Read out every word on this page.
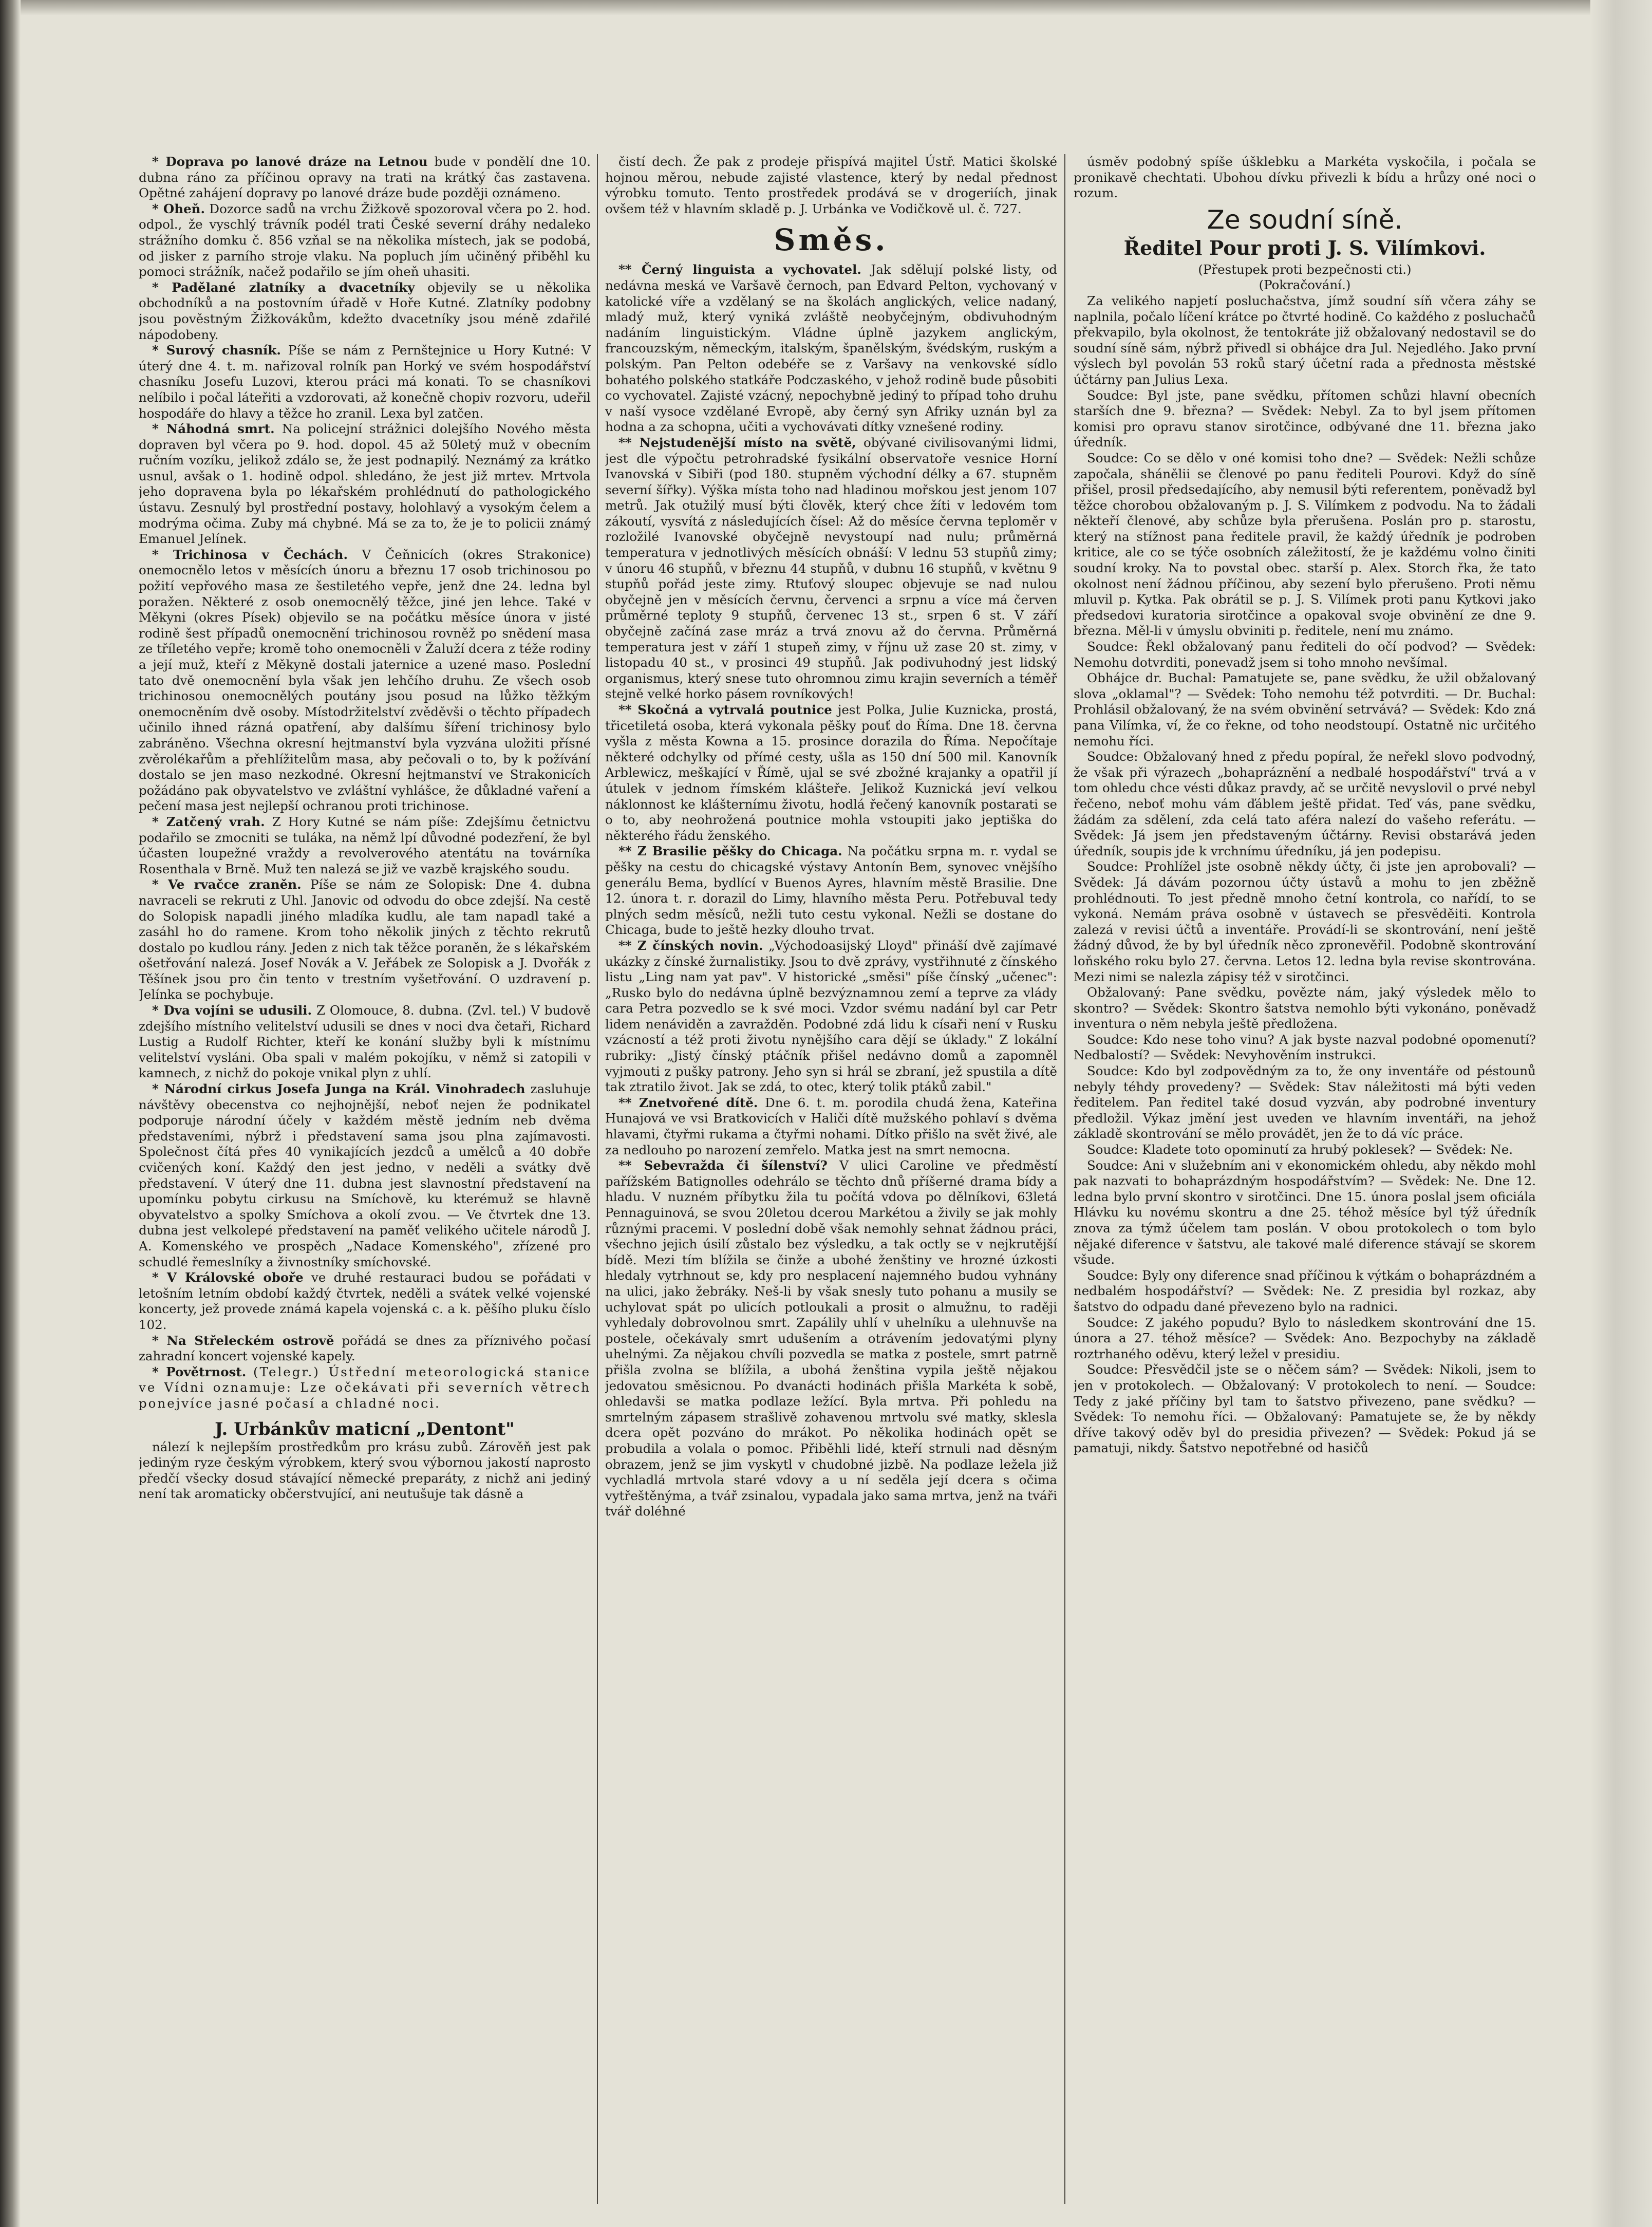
* Doprava po lanové dráze na Letnou bude v pondělí dne 10. dubna ráno za příčinou opravy na trati na krátký čas zastavena. Opětné zahájení dopravy po lanové dráze bude později oznámeno.

* Oheň. Dozorce sadů na vrchu Žižkově spozoroval včera po 2. hod. odpol., že vyschlý trávník podél trati České severní dráhy nedaleko strážního domku č. 856 vzňal se na několika místech, jak se podobá, od jisker z parního stroje vlaku. Na popluch jím učiněný přiběhl ku pomoci strážník, načež podařilo se jím oheň uhasiti.

* Padělané zlatníky a dvacetníky objevily se u několika obchodníků a na postovním úřadě v Hoře Kutné. Zlatníky podobny jsou pověstným Žižkovákům, kdežto dvacetníky jsou méně zdařilé nápodobeny.

* Surový chasník. Píše se nám z Pernštejnice u Hory Kutné: V úterý dne 4. t. m. nařizoval rolník pan Horký ve svém hospodářství chasníku Josefu Luzovi, kterou práci má konati. To se chasníkovi nelíbilo i počal láteřiti a vzdorovati, až konečně chopiv rozvoru, udeřil hospodáře do hlavy a těžce ho zranil. Lexa byl zatčen.

* Náhodná smrt. Na policejní strážnici dolejšího Nového města dopraven byl včera po 9. hod. dopol. 45 až 50letý muž v obecním ručním vozíku, jelikož zdálo se, že jest podnapilý. Neznámý za krátko usnul, avšak o 1. hodině odpol. shledáno, že jest již mrtev. Mrtvola jeho dopravena byla po lékařském prohlédnutí do pathologického ústavu. Zesnulý byl prostřední postavy, holohlavý a vysokým čelem a modrýma očima. Zuby má chybné. Má se za to, že je to policii známý Emanuel Jelínek.

* Trichinosa v Čechách. V Čeňnicích (okres Strakonice) onemocnělo letos v měsících únoru a březnu 17 osob trichinosou po požití vepřového masa ze šestiletého vepře, jenž dne 24. ledna byl poražen. Některé z osob onemocnělý těžce, jiné jen lehce. Také v Měkyni (okres Písek) objevilo se na počátku měsíce února v jisté rodině šest případů onemocnění trichinosou rovněž po snědení masa ze tříletého vepře; kromě toho onemocněli v Žaluží dcera z téže rodiny a její muž, kteří z Měkyně dostali jaternice a uzené maso. Poslední tato dvě onemocnění byla však jen lehčího druhu. Ze všech osob trichinosou onemocnělých poutány jsou posud na lůžko těžkým onemocněním dvě osoby. Místodržitelství zvěděvši o těchto případech učinilo ihned rázná opatření, aby dalšímu šíření trichinosy bylo zabráněno. Všechna okresní hejtmanství byla vyzvána uložiti přísné zvěrolékařům a přehlížitelům masa, aby pečovali o to, by k požívání dostalo se jen maso nezkodné. Okresní hejtmanství ve Strakonicích požádáno pak obyvatelstvo ve zvláštní vyhlášce, že důkladné vaření a pečení masa jest nejlepší ochranou proti trichinose.

* Zatčený vrah. Z Hory Kutné se nám píše: Zdejšímu četnictvu podařilo se zmocniti se tuláka, na němž lpí důvodné podezření, že byl účasten loupežné vraždy a revolverového atentátu na továrníka Rosenthala v Brně. Muž ten nalezá se již ve vazbě krajského soudu.

* Ve rvačce zraněn. Píše se nám ze Solopisk: Dne 4. dubna navraceli se rekruti z Uhl. Janovic od odvodu do obce zdejší. Na cestě do Solopisk napadli jiného mladíka kudlu, ale tam napadl také a zasáhl ho do ramene. Krom toho několik jiných z těchto rekrutů dostalo po kudlou rány. Jeden z nich tak těžce poraněn, že s lékařském ošetřování nalezá. Josef Novák a V. Jeřábek ze Solopisk a J. Dvořák z Těšínek jsou pro čin tento v trestním vyšetřování. O uzdravení p. Jelínka se pochybuje.

* Dva vojíni se udusili. Z Olomouce, 8. dubna. (Zvl. tel.) V budově zdejšího místního velitelství udusili se dnes v noci dva četaři, Richard Lustig a Rudolf Richter, kteří ke konání služby byli k místnímu velitelství vysláni. Oba spali v malém pokojíku, v němž si zatopili v kamnech, z nichž do pokoje vnikal plyn z uhlí.

* Národní cirkus Josefa Junga na Král. Vinohradech zasluhuje návštěvy obecenstva co nejhojnější, neboť nejen že podnikatel podporuje národní účely v každém městě jedním neb dvěma představeními, nýbrž i představení sama jsou plna zajímavosti. Společnost čítá přes 40 vynikajících jezdců a umělců a 40 dobře cvičených koní. Každý den jest jedno, v neděli a svátky dvě představení. V úterý dne 11. dubna jest slavnostní představení na upomínku pobytu cirkusu na Smíchově, ku kterémuž se hlavně obyvatelstvo a spolky Smíchova a okolí zvou. — Ve čtvrtek dne 13. dubna jest velkolepé představení na paměť velikého učitele národů J. A. Komenského ve prospěch „Nadace Komenského", zřízené pro schudlé řemeslníky a živnostníky smíchovské.

* V Královské oboře ve druhé restauraci budou se pořádati v letošním letním období každý čtvrtek, neděli a svátek velké vojenské koncerty, jež provede známá kapela vojenská c. a k. pěšího pluku číslo 102.

* Na Střeleckém ostrově pořádá se dnes za příznivého počasí zahradní koncert vojenské kapely.

* Povětrnost. (Telegr.) Ústřední meteorologická stanice ve Vídni oznamuje: Lze očekávati při severních větrech ponejvíce jasné počasí a chladné noci.

J. Urbánkův maticní „Dentont"

nálezí k nejlepším prostředkům pro krásu zubů. Zárověň jest pak jediným ryze českým výrobkem, který svou výbornou jakostí naprosto předčí všecky dosud stávající německé preparáty, z nichž ani jediný není tak aromaticky občerstvující, ani neutušuje tak dásně a

čistí dech. Že pak z prodeje přispívá majitel Ústř. Matici školské hojnou měrou, nebude zajisté vlastence, který by nedal přednost výrobku tomuto. Tento prostředek prodává se v drogeriích, jinak ovšem též v hlavním skladě p. J. Urbánka ve Vodičkově ul. č. 727.

Směs.

** Černý linguista a vychovatel. Jak sdělují polské listy, od nedávna meská ve Varšavě černoch, pan Edvard Pelton, vychovaný v katolické víře a vzdělaný se na školách anglických, velice nadaný, mladý muž, který vyniká zvláště neobyčejným, obdivuhodným nadáním linguistickým. Vládne úplně jazykem anglickým, francouzským, německým, italským, španělským, švédským, ruským a polským. Pan Pelton odebéře se z Varšavy na venkovské sídlo bohatého polského statkáře Podczaského, v jehož rodině bude působiti co vychovatel. Zajisté vzácný, nepochybně jediný to případ toho druhu v naší vysoce vzdělané Evropě, aby černý syn Afriky uznán byl za hodna a za schopna, učiti a vychovávati dítky vznešené rodiny.

** Nejstudenější místo na světě, obývané civilisovanými lidmi, jest dle výpočtu petrohradské fysikální observatoře vesnice Horní Ivanovská v Sibiři (pod 180. stupněm východní délky a 67. stupněm severní šířky). Výška místa toho nad hladinou mořskou jest jenom 107 metrů. Jak otužilý musí býti člověk, který chce žíti v ledovém tom zákoutí, vysvítá z následujících čísel: Až do měsíce června teploměr v rozložilé Ivanovské obyčejně nevystoupí nad nulu; průměrná temperatura v jednotlivých měsících obnáší: V lednu 53 stupňů zimy; v únoru 46 stupňů, v březnu 44 stupňů, v dubnu 16 stupňů, v květnu 9 stupňů pořád jeste zimy. Rtuťový sloupec objevuje se nad nulou obyčejně jen v měsících červnu, červenci a srpnu a více má červen průměrné teploty 9 stupňů, červenec 13 st., srpen 6 st. V září obyčejně začíná zase mráz a trvá znovu až do června. Průměrná temperatura jest v září 1 stupeň zimy, v říjnu už zase 20 st. zimy, v listopadu 40 st., v prosinci 49 stupňů. Jak podivuhodný jest lidský organismus, který snese tuto ohromnou zimu krajin severních a téměř stejně velké horko pásem rovníkových!

** Skočná a vytrvalá poutnice jest Polka, Julie Kuznicka, prostá, třicetiletá osoba, která vykonala pěšky pouť do Říma. Dne 18. června vyšla z města Kowna a 15. prosince dorazila do Říma. Nepočítaje některé odchylky od přímé cesty, ušla as 150 dní 500 mil. Kanovník Arblewicz, meškající v Římě, ujal se své zbožné krajanky a opatřil jí útulek v jednom římském klášteře. Jelikož Kuznická jeví velkou náklonnost ke klášternímu životu, hodlá řečený kanovník postarati se o to, aby neohrožená poutnice mohla vstoupiti jako jeptiška do některého řádu ženského.

** Z Brasilie pěšky do Chicaga. Na počátku srpna m. r. vydal se pěšky na cestu do chicagské výstavy Antonín Bem, synovec vnějšího generálu Bema, bydlící v Buenos Ayres, hlavním městě Brasilie. Dne 12. února t. r. dorazil do Limy, hlavního města Peru. Potřebuval tedy plných sedm měsíců, nežli tuto cestu vykonal. Nežli se dostane do Chicaga, bude to ještě hezky dlouho trvat.

** Z čínských novin. „Východoasijský Lloyd" přináší dvě zajímavé ukázky z čínské žurnalistiky. Jsou to dvě zprávy, vystřihnuté z čínského listu „Ling nam yat pav". V historické „směsi" píše čínský „učenec": „Rusko bylo do nedávna úplně bezvýznamnou zemí a teprve za vlády cara Petra pozvedlo se k své moci. Vzdor svému nadání byl car Petr lidem nenáviděn a zavražděn. Podobné zdá lidu k císaři není v Rusku vzácností a též proti životu nynějšího cara dějí se úklady." Z lokální rubriky: „Jistý čínský ptáčník přišel nedávno domů a zapomněl vyjmouti z pušky patrony. Jeho syn si hrál se zbraní, jež spustila a dítě tak ztratilo život. Jak se zdá, to otec, který tolik ptáků zabil."

** Znetvořené dítě. Dne 6. t. m. porodila chudá žena, Kateřina Hunajová ve vsi Bratkovicích v Haliči dítě mužského pohlaví s dvěma hlavami, čtyřmi rukama a čtyřmi nohami. Dítko přišlo na svět živé, ale za nedlouho po narození zemřelo. Matka jest na smrt nemocna.

** Sebevražda či šílenství? V ulici Caroline ve předměstí pařížském Batignolles odehrálo se těchto dnů příšerné drama bídy a hladu. V nuzném příbytku žila tu počítá vdova po dělníkovi, 63letá Pennaguinová, se svou 20letou dcerou Markétou a živily se jak mohly různými pracemi. V poslední době však nemohly sehnat žádnou práci, všechno jejich úsilí zůstalo bez výsledku, a tak octly se v nejkrutější bídě. Mezi tím blížila se činže a ubohé ženštiny ve hrozné úzkosti hledaly vytrhnout se, kdy pro nesplacení najemného budou vyhnány na ulici, jako žebráky. Neš-li by však snesly tuto pohanu a musily se uchylovat spát po ulicích potloukali a prosit o almužnu, to raději vyhledaly dobrovolnou smrt. Zapálily uhlí v uhelníku a ulehnuvše na postele, očekávaly smrt udušením a otrávením jedovatými plyny uhelnými. Za nějakou chvíli pozvedla se matka z postele, smrt patrně přišla zvolna se blížila, a ubohá ženština vypila ještě nějakou jedovatou směsicnou. Po dvanácti hodinách přišla Markéta k sobě, ohledavši se matka podlaze ležící. Byla mrtva. Při pohledu na smrtelným zápasem strašlivě zohavenou mrtvolu své matky, sklesla dcera opět pozváno do mrákot. Po několika hodinách opět se probudila a volala o pomoc. Přiběhli lidé, kteří strnuli nad děsným obrazem, jenž se jim vyskytl v chudobné jizbě. Na podlaze ležela již vychladlá mrtvola staré vdovy a u ní seděla její dcera s očima vytřeštěnýma, a tvář zsinalou, vypadala jako sama mrtva, jenž na tváři tvář doléhné

úsměv podobný spíše úšklebku a Markéta vyskočila, i počala se pronikavě chechtati. Ubohou dívku přivezli k bídu a hrůzy oné noci o rozum.

Ze soudní síně.

Ředitel Pour proti J. S. Vilímkovi.

(Přestupek proti bezpečnosti cti.)

(Pokračování.)

Za velikého napjetí posluchačstva, jímž soudní síň včera záhy se naplnila, počalo líčení krátce po čtvrté hodině. Co každého z posluchačů překvapilo, byla okolnost, že tentokráte již obžalovaný nedostavil se do soudní síně sám, nýbrž přivedl si obhájce dra Jul. Nejedlého. Jako první výslech byl povolán 53 roků starý účetní rada a přednosta městské účtárny pan Julius Lexa.

Soudce: Byl jste, pane svědku, přítomen schůzi hlavní obecních starších dne 9. března? — Svědek: Nebyl. Za to byl jsem přítomen komisi pro opravu stanov sirotčince, odbývané dne 11. března jako úředník.

Soudce: Co se dělo v oné komisi toho dne? — Svědek: Nežli schůze započala, shánělii se členové po panu řediteli Pourovi. Když do síně přišel, prosil předsedajícího, aby nemusil býti referentem, poněvadž byl těžce chorobou obžalovaným p. J. S. Vilímkem z podvodu. Na to žádali někteří členové, aby schůze byla přerušena. Poslán pro p. starostu, který na stížnost pana ředitele pravil, že každý úředník je podroben kritice, ale co se týče osobních záležitostí, že je každému volno činiti soudní kroky. Na to povstal obec. starší p. Alex. Storch řka, že tato okolnost není žádnou příčinou, aby sezení bylo přerušeno. Proti němu mluvil p. Kytka. Pak obrátil se p. J. S. Vilímek proti panu Kytkovi jako předsedovi kuratoria sirotčince a opakoval svoje obvinění ze dne 9. března. Měl-li v úmyslu obviniti p. ředitele, není mu známo.

Soudce: Řekl obžalovaný panu řediteli do očí podvod? — Svědek: Nemohu dotvrditi, ponevadž jsem si toho mnoho nevšímal.

Obhájce dr. Buchal: Pamatujete se, pane svědku, že užil obžalovaný slova „oklamal"? — Svědek: Toho nemohu též potvrditi. — Dr. Buchal: Prohlásil obžalovaný, že na svém obvinění setrvává? — Svědek: Kdo zná pana Vilímka, ví, že co řekne, od toho neodstoupí. Ostatně nic určitého nemohu říci.

Soudce: Obžalovaný hned z předu popíral, že neřekl slovo podvodný, že však při výrazech „bohapráznění a nedbalé hospodářství" trvá a v tom ohledu chce vésti důkaz pravdy, ač se určitě nevyslovil o prvé nebyl řečeno, neboť mohu vám ďáblem ještě přidat. Teď vás, pane svědku, žádám za sdělení, zda celá tato aféra nalezí do vašeho referátu. — Svědek: Já jsem jen představeným účtárny. Revisi obstarává jeden úředník, soupis jde k vrchnímu úředníku, já jen podepisu.

Soudce: Prohlížel jste osobně někdy účty, či jste jen aprobovali? — Svědek: Já dávám pozornou účty ústavů a mohu to jen zběžně prohlédnouti. To jest předně mnoho četní kontrola, co nařídí, to se vykoná. Nemám práva osobně v ústavech se přesvěděiti. Kontrola zalezá v revisi účtů a inventáře. Provádí-li se skontrování, není ještě žádný důvod, že by byl úředník něco zpronevěřil. Podobně skontrování loňského roku bylo 27. června. Letos 12. ledna byla revise skontrována. Mezi nimi se nalezla zápisy též v sirotčinci.

Obžalovaný: Pane svědku, povězte nám, jaký výsledek mělo to skontro? — Svědek: Skontro šatstva nemohlo býti vykonáno, poněvadž inventura o něm nebyla ještě předložena.

Soudce: Kdo nese toho vinu? A jak byste nazval podobné opomenutí? Nedbalostí? — Svědek: Nevyhověním instrukci.

Soudce: Kdo byl zodpovědným za to, že ony inventáře od péstounů nebyly téhdy provedeny? — Svědek: Stav náležitosti má býti veden ředitelem. Pan ředitel také dosud vyzván, aby podrobné inventury předložil. Výkaz jmění jest uveden ve hlavním inventáři, na jehož základě skontrování se mělo provádět, jen že to dá víc práce.

Soudce: Kladete toto opominutí za hrubý poklesek? — Svědek: Ne.

Soudce: Ani v služebním ani v ekonomickém ohledu, aby někdo mohl pak nazvati to bohaprázdným hospodářstvím? — Svědek: Ne. Dne 12. ledna bylo první skontro v sirotčinci. Dne 15. února poslal jsem oficiála Hlávku ku novému skontru a dne 25. téhož měsíce byl týž úředník znova za týmž účelem tam poslán. V obou protokolech o tom bylo nějaké diference v šatstvu, ale takové malé diference stávají se skorem všude.

Soudce: Byly ony diference snad příčinou k výtkám o bohaprázdném a nedbalém hospodářství? — Svědek: Ne. Z presidia byl rozkaz, aby šatstvo do odpadu dané převezeno bylo na radnici.

Soudce: Z jakého popudu? Bylo to následkem skontrování dne 15. února a 27. téhož měsíce? — Svědek: Ano. Bezpochyby na základě roztrhaného oděvu, který ležel v presidiu.

Soudce: Přesvědčil jste se o něčem sám? — Svědek: Nikoli, jsem to jen v protokolech. — Obžalovaný: V protokolech to není. — Soudce: Tedy z jaké příčiny byl tam to šatstvo přivezeno, pane svědku? — Svědek: To nemohu říci. — Obžalovaný: Pamatujete se, že by někdy dříve takový oděv byl do presidia přivezen? — Svědek: Pokud já se pamatuji, nikdy. Šatstvo nepotřebné od hasičů
